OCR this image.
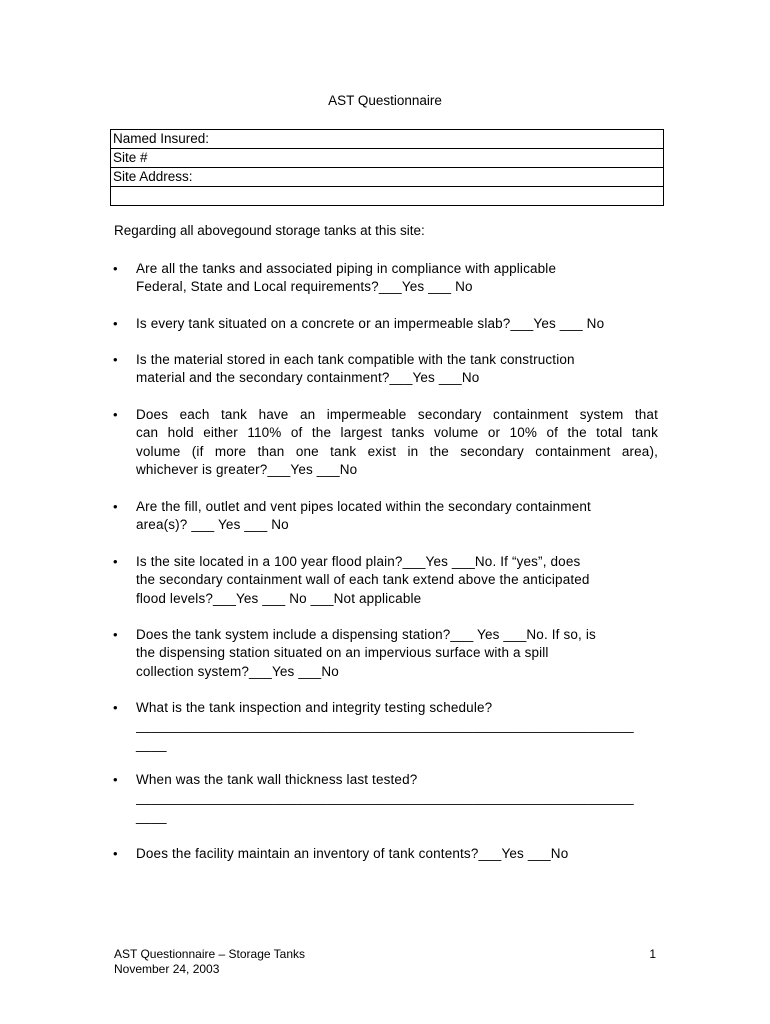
AST Questionnaire
Named Insured:
Site #
Site Address:

Regarding all abovegound storage tanks at this site:
• Are all the tanks and associated piping in compliance with applicable
Federal, State and Local requirements?___Yes ___ No
• Is every tank situated on a concrete or an impermeable slab?___Yes ___ No
• Is the material stored in each tank compatible with the tank construction
material and the secondary containment?___Yes ___No
• Does each tank have an impermeable secondary containment system that
can hold either 110% of the largest tanks volume or 10% of the total tank
volume (if more than one tank exist in the secondary containment area),
whichever is greater?___Yes ___No
• Are the fill, outlet and vent pipes located within the secondary containment
area(s)? ___ Yes ___ No
• Is the site located in a 100 year flood plain?___Yes ___No. If “yes”, does
the secondary containment wall of each tank extend above the anticipated
flood levels?___Yes ___ No ___Not applicable
• Does the tank system include a dispensing station?___ Yes ___No. If so, is
the dispensing station situated on an impervious surface with a spill
collection system?___Yes ___No
• What is the tank inspection and integrity testing schedule?
_________________________________________________________________
____
• When was the tank wall thickness last tested?
_________________________________________________________________
____
• Does the facility maintain an inventory of tank contents?___Yes ___No
AST Questionnaire – Storage Tanks
November 24, 2003
1
